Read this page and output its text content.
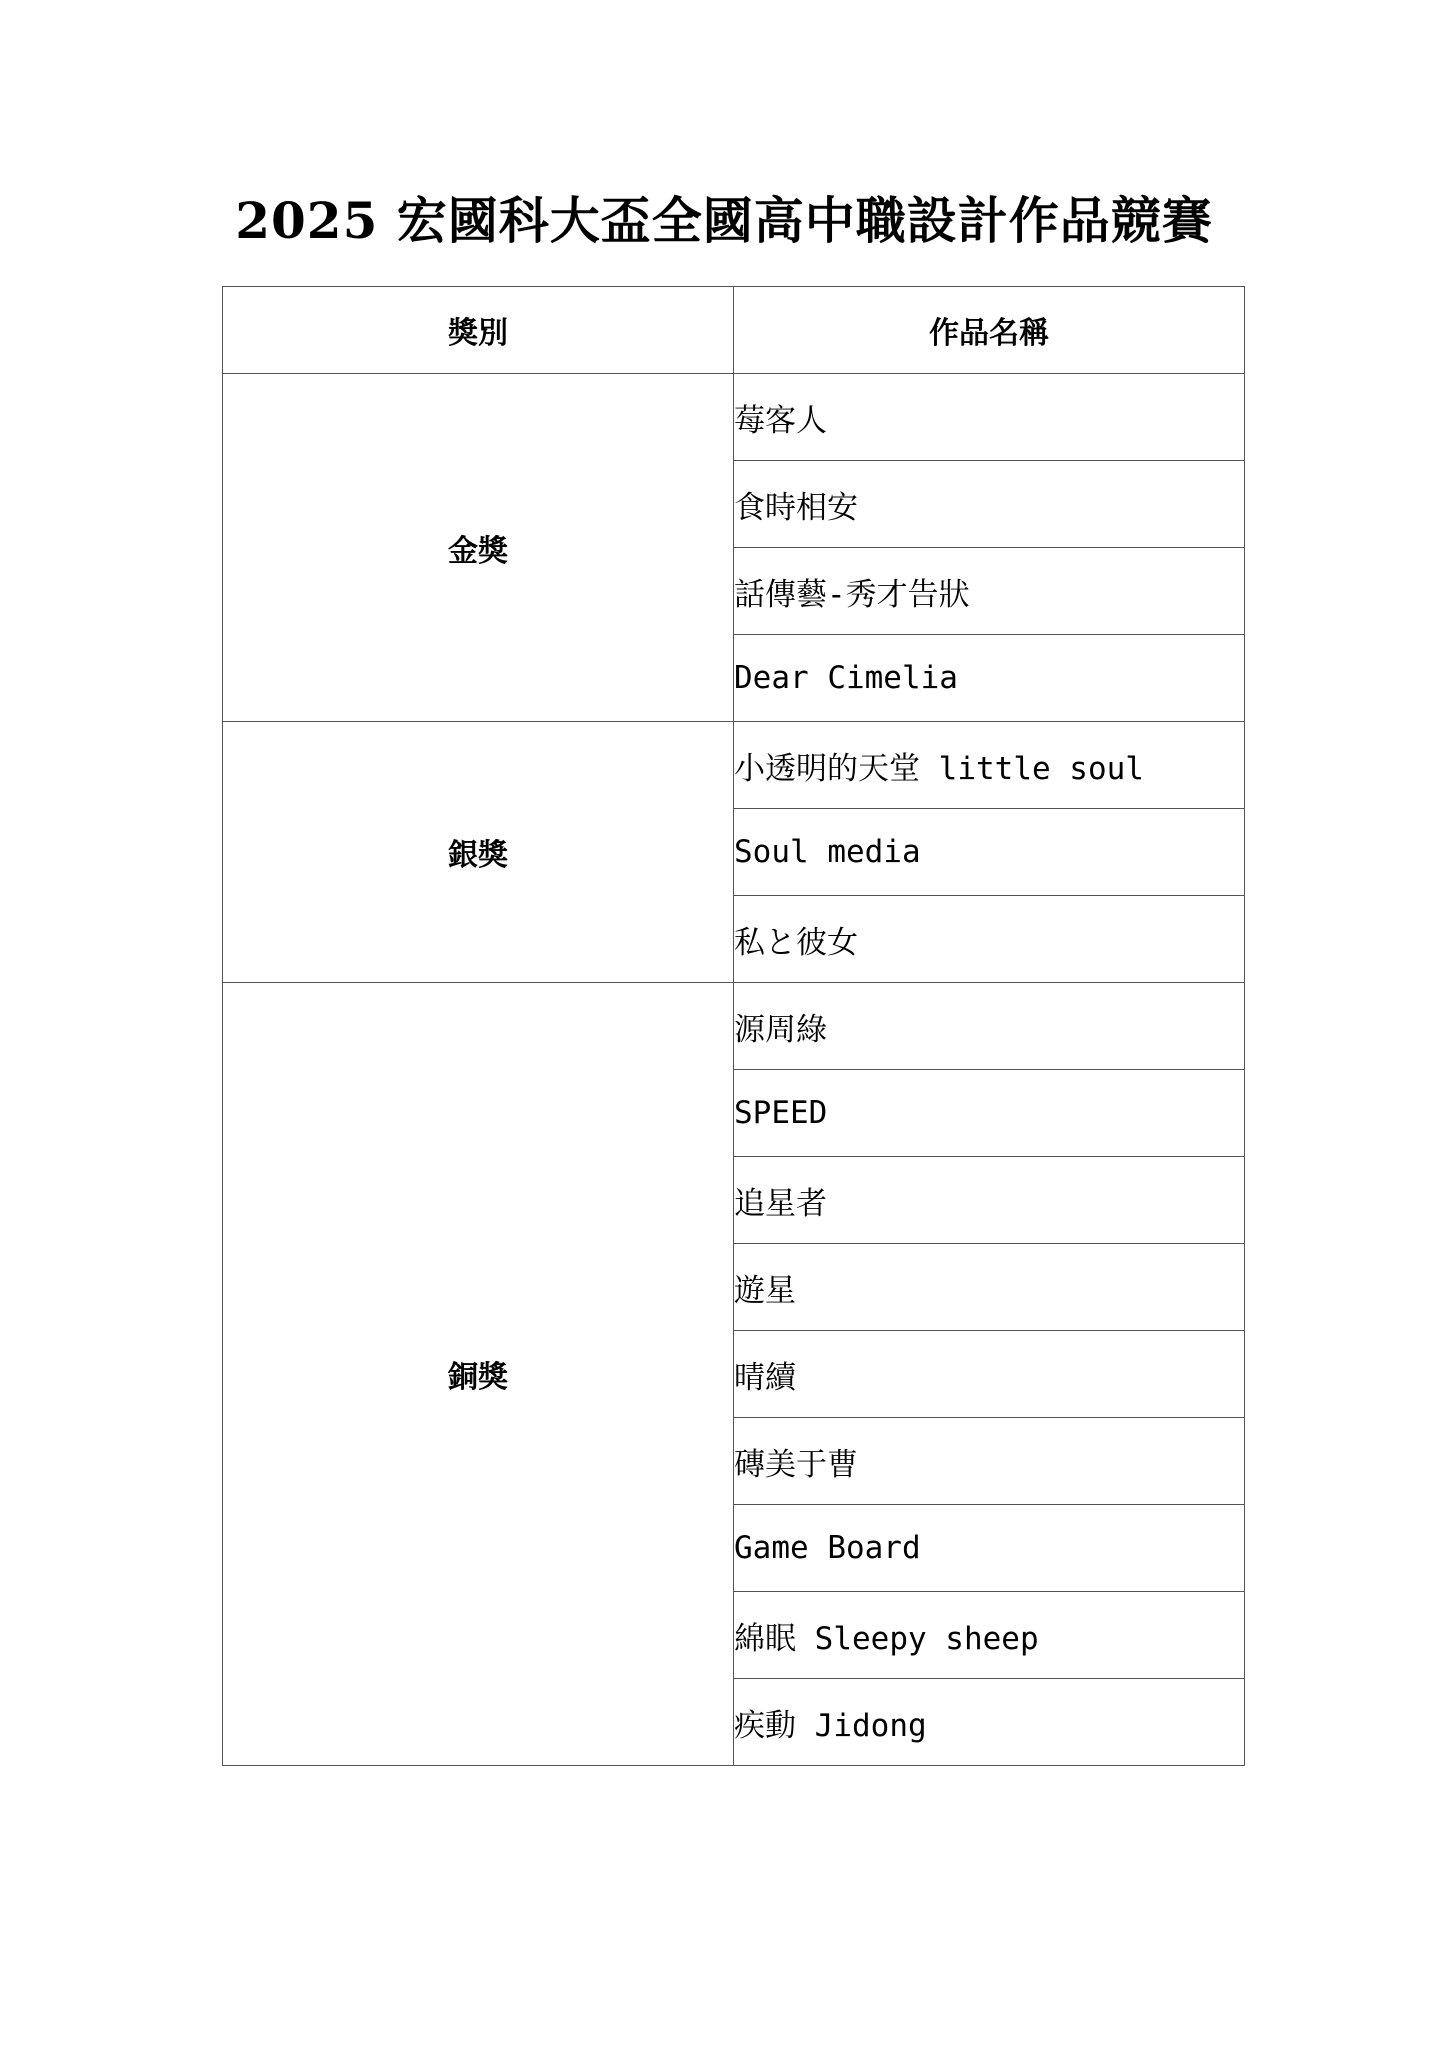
2025 宏國科大盃全國高中職設計作品競賽
獎別	作品名稱
金獎	莓客人
	食時相安
	話傳藝-秀才告狀
	Dear Cimelia
銀獎	小透明的天堂 little soul
	Soul media
	私と彼女
銅獎	源周綠
	SPEED
	追星者
	遊星
	晴續
	磚美于曹
	Game Board
	綿眠 Sleepy sheep
	疾動 Jidong
